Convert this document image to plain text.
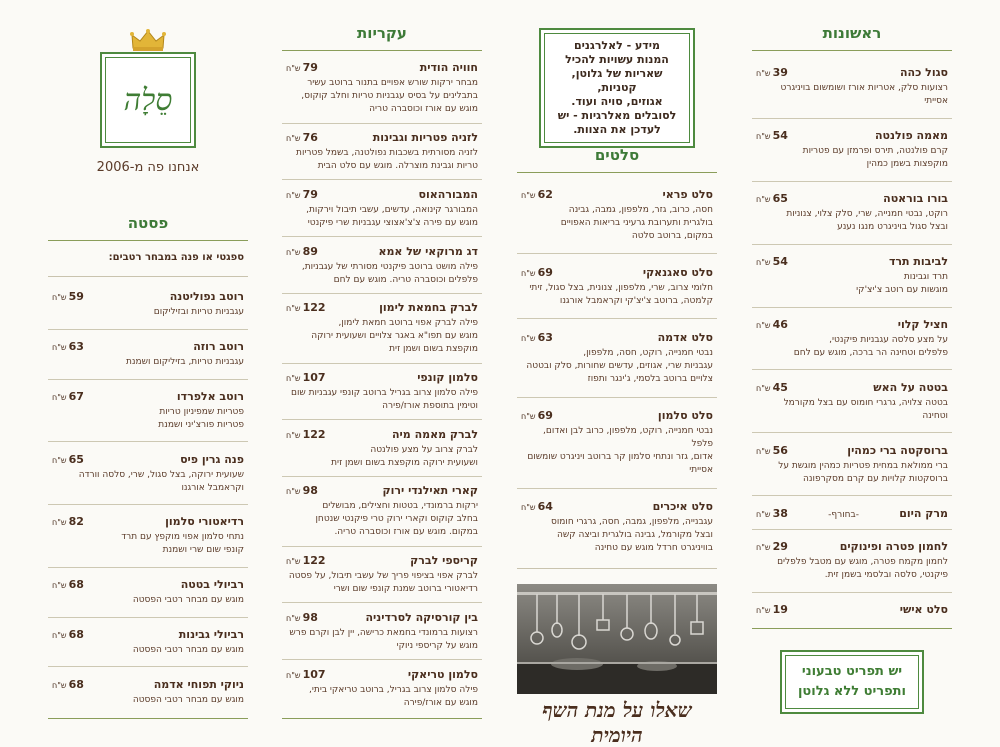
סֵלָה
אנחנו פה מ-2006
פסטה
ספגטי או פנה במבחר רטבים:
רוטב נפוליטנה
59ש"ח
עגבניות טריות ובזיליקום
רוטב רוזה
63ש"ח
עגבניות טריות, בזיליקום ושמנת
רוטב אלפרדו
67ש"ח
פטריות שמפיניון טריות
פטריות פורצ'יני ושמנת
פנה גרין פיס
65ש"ח
שעועית ירוקה, בצל סגול, שרי, סלסה וורדה
וקראמבל אורגנו
רדיאטורי סלמון
82ש"ח
נתחי סלמון אפוי מוקפץ עם תרד
קונפי שום שרי ושמנת
רביולי בטטה
68ש"ח
מוגש עם מבחר רטבי הפסטה
רביולי גבינות
68ש"ח
מוגש עם מבחר רטבי הפסטה
ניוקי תפוחי אדמה
68ש"ח
מוגש עם מבחר רטבי הפסטה
עקריות
חוויה הודית
79ש"ח
מבחר ירקות שורש אפויים בתנור ברוטב עשיר
בתבלינים על בסיס עגבניות טריות וחלב קוקוס,
מוגש עם אורז וכוסברה טריה
לזניה פטריות וגבינות
76ש"ח
לזניה מסורתית בשכבות נפולטנה, בשמל פטריות
טריות וגבינת מוצרלה. מוגש עם סלט הבית
המבורהאוס
79ש"ח
המבורגר קינואה, עדשים, עשבי תיבול וירקות,
מוגש עם פירה צ'צ'אצוצי עגבניות שרי פיקנטי
דג מרוקאי של אמא
89ש"ח
פילה מושט ברוטב פיקנטי מסורתי של עגבניות,
פלפלים וכוסברה טריה. מוגש עם לחם
לברק בחמאת לימון
122ש"ח
פילה לברק אפוי ברוטב חמאת לימון,
מוגש עם תפו"א באגר צלויים ושעועית ירוקה
מוקפצת בשום ושמן זית
סלמון קונפי
107ש"ח
פילה סלמון צרוב בגריל ברוטב קונפי עגבניות שום
וטימין בתוספת אורז/פירה
לברק מאמה מיה
122ש"ח
לברק צרוב על מצע פולנטה
ושעועית ירוקה מוקפצת בשום ושמן זית
קארי תאילנדי ירוק
98ש"ח
ירקות ברמונדי, בטטות וחצילים, מבושלים
בחלב קוקוס וקארי ירוק טרי פיקנטי שנטחן
במקום. מוגש עם אורז וכוסברה טריה.
קריספי לברק
122ש"ח
לברק אפוי בציפוי פריך של עשבי תיבול, על פסטה
רדיאטורי ברוטב שמנת קונפי שום ושרי
בין קורסיקה לסרדיניה
98ש"ח
רצועות ברמונדי בחמאת כרישה, יין לבן וקרם פרש
מוגש על קריספי ניוקי
סלמון טריאקי
107ש"ח
פילה סלמון צרוב בגריל, ברוטב טריאקי ביתי,
מוגש עם אורז/פירה
מידע - לאלרגנים
המנות עשויות להכיל
שאריות של גלוטן, קטניות,
אגוזים, סויה ועוד.
לסובלים מאלרגיות - יש
לעדכן את הצוות.
סלטים
סלט פראי
62ש"ח
חסה, כרוב, גזר, מלפפון, גמבה, גבינה
בולגרית ותערובת גרעיני בריאות האפויים
במקום, ברוטב סלטה
סלט סאגנאקי
69ש"ח
חלומי צרוב, שרי, מלפפון, צנונית, בצל סגול, זיתי
קלמטה, ברוטב צ'יצ'קי וקראמבל אורגנו
סלט אדמה
63ש"ח
נבטי חמנייה, רוקט, חסה, מלפפון,
עגבניות שרי, אגוזים, עדשים שחורות, סלק ובטטה
צלויים ברוטב בלסמי, ג'ינגר ותפוז
סלט סלמון
69ש"ח
נבטי חמנייה, רוקט, מלפפון, כרוב לבן ואדום, פלפל
אדום, גזר ונתחי סלמון קר ברוטב ויניגרט שומשום
אסייתי
סלט איכרים
64ש"ח
עגבנייה, מלפפון, גמבה, חסה, גרגרי חומוס
ובצל מקורמל, גבינה בולגרית וביצה קשה
בוויניגרט חרדל מוגש עם טחינה
שאלו על מנת השף היומית
ראשונות
סגול כהה
39ש"ח
רצועות סלק, אטריות אורז ושומשום בויניגרט
אסייתי
מאמה פולנטה
54ש"ח
קרם פולנטה, תירס ופרמזן עם פטריות
מוקפצות בשמן כמהין
בורו בוראטה
65ש"ח
רוקט, נבטי חמנייה, שרי, סלק צלוי, צנוניות
ובצל סגול בויניגרט מנגו נענע
לביבות תרד
54ש"ח
תרד וגבינות
מוגשות עם רוטב צ'יצ'קי
חציל קלוי
46ש"ח
על מצע סלסה עגבניות פיקנטי,
פלפלים וטחינה הר ברכה, מוגש עם לחם
בטטה על האש
45ש"ח
בטטה צלויה, גרגרי חומוס עם בצל מקורמל
וטחינה
ברוסקטה ברי כמהין
56ש"ח
ברי ממולאת במחית פטריות כמהין מוגשת על
ברוסקטות קלויות עם קרם מסקרפונה
מרק היום
-בחורף-
38ש"ח
לחמון פטרה ופינוקים
29ש"ח
לחמון מקמח פטרה, מוגש עם מטבל פלפלים
פיקנטי, סלסה ובלסמי בשמן זית.
סלט אישי
19ש"ח
יש תפריט טבעוני
ותפריט ללא גלוטן
